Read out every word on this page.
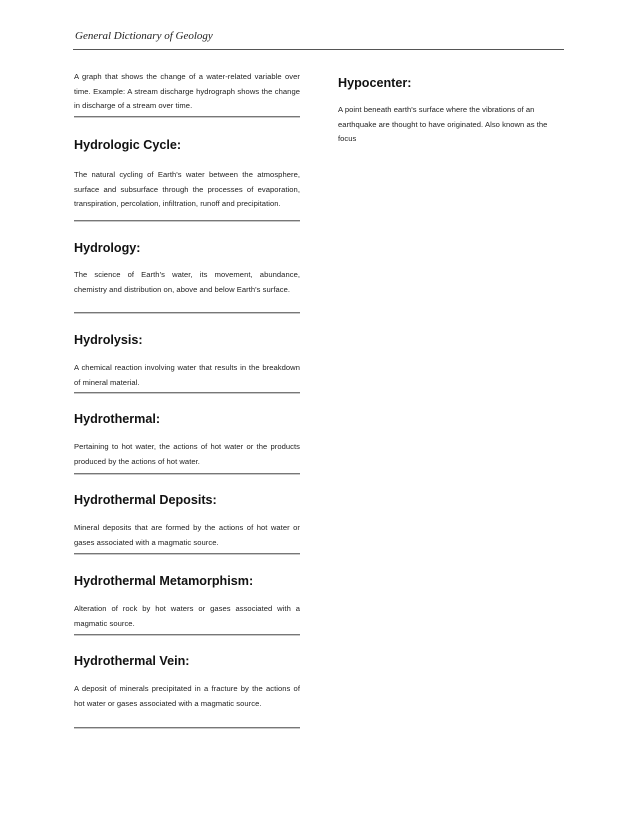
General Dictionary of Geology

A graph that shows the change of a water-related variable over time. Example: A stream discharge hydrograph shows the change in discharge of a stream over time.

Hydrologic Cycle:

The natural cycling of Earth's water between the atmosphere, surface and subsurface through the processes of evaporation, transpiration, percolation, infiltration, runoff and precipitation.

Hydrology:

The science of Earth's water, its movement, abundance, chemistry and distribution on, above and below Earth's surface.

Hydrolysis:

A chemical reaction involving water that results in the breakdown of mineral material.

Hydrothermal:

Pertaining to hot water, the actions of hot water or the products produced by the actions of hot water.

Hydrothermal Deposits:

Mineral deposits that are formed by the actions of hot water or gases associated with a magmatic source.

Hydrothermal Metamorphism:

Alteration of rock by hot waters or gases associated with a magmatic source.

Hydrothermal Vein:

A deposit of minerals precipitated in a fracture by the actions of hot water or gases associated with a magmatic source.

Hypocenter:

A point beneath earth's surface where the vibrations of an earthquake are thought to have originated. Also known as the focus
